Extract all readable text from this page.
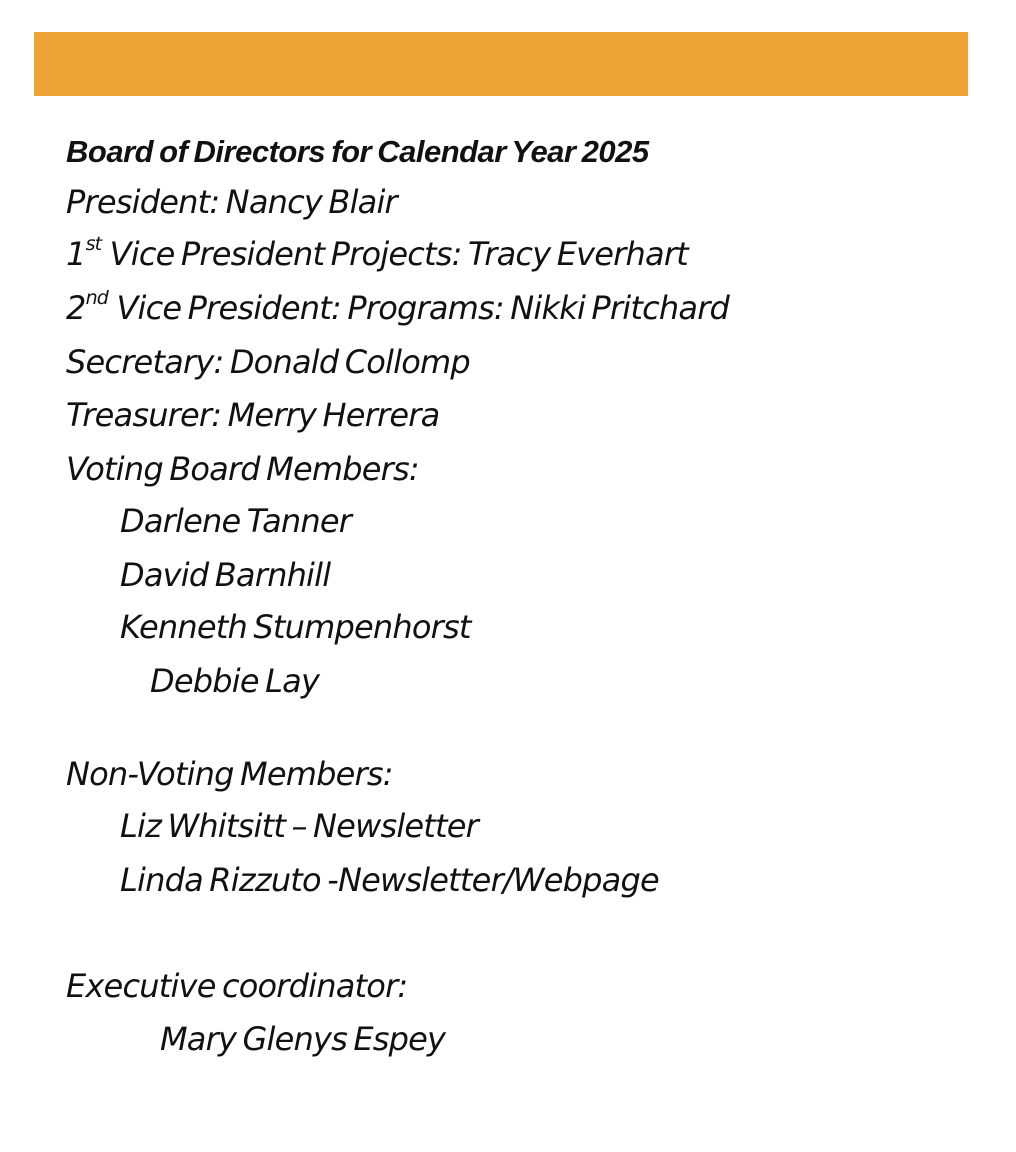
Board of Directors for Calendar Year 2025
President: Nancy Blair
1st Vice President Projects: Tracy Everhart
2nd Vice President: Programs: Nikki Pritchard
Secretary: Donald Collomp
Treasurer: Merry Herrera
Voting Board Members:
Darlene Tanner
David Barnhill
Kenneth Stumpenhorst
Debbie Lay
Non-Voting Members:
Liz Whitsitt – Newsletter
Linda Rizzuto -Newsletter/Webpage
Executive coordinator:
Mary Glenys Espey
